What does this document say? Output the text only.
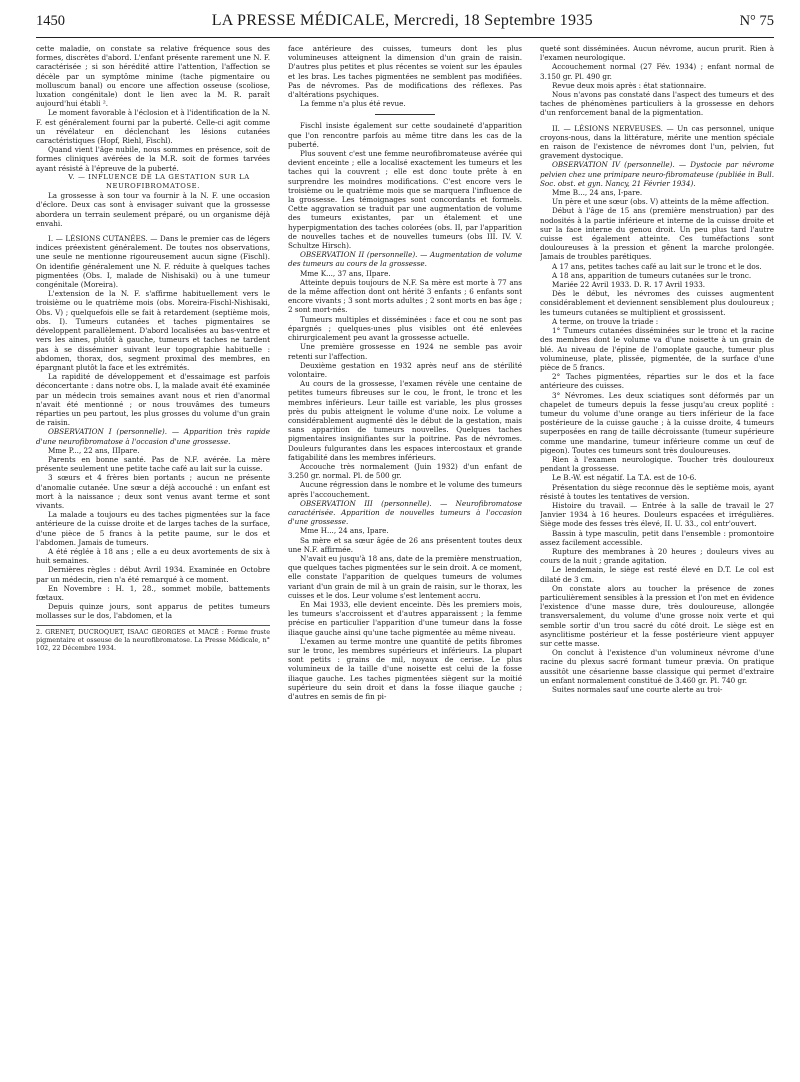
1450	LA PRESSE MÉDICALE, Mercredi, 18 Septembre 1935	N° 75

cette maladie, on constate sa relative fréquence sous des formes, discrètes d'abord. L'enfant présente rarement une N. F. caractérisée ; si son hérédité attire l'attention, l'affection se décèle par un symptôme minime (tache pigmentaire ou molluscum banal) ou encore une affection osseuse (scoliose, luxation congénitale) dont le lien avec la M. R. paraît aujourd'hui établi ².

Le moment favorable à l'éclosion et à l'identification de la N. F. est généralement fourni par la puberté. Celle-ci agit comme un révélateur en déclenchant les lésions cutanées caractéristiques (Hopf, Riehl, Fischl).

Quand vient l'âge nubile, nous sommes en présence, soit de formes cliniques avérées de la M.R. soit de formes tarvées ayant résisté à l'épreuve de la puberté.

V. — INFLUENCE DE LA GESTATION SUR LA NEUROFIBROMATOSE.

La grossesse à son tour va fournir à la N. F. une occasion d'éclore. Deux cas sont à envisager suivant que la grossesse abordera un terrain seulement préparé, ou un organisme déjà envahi.

I. — LÉSIONS CUTANÉES. — Dans le premier cas de légers indices préexistent généralement. De toutes nos observations, une seule ne mentionne rigoureusement aucun signe (Fischl). On identifie généralement une N. F. réduite à quelques taches pigmentées (Obs. I, malade de Nishisaki) ou à une tumeur congénitale (Moreira).

L'extension de la N. F. s'affirme habituellement vers le troisième ou le quatrième mois (obs. Moreira-Fischl-Nishisaki, Obs. V) ; quelquefois elle se fait à retardement (septième mois, obs. I). Tumeurs cutanées et taches pigmentaires se développent parallèlement. D'abord localisées au bas-ventre et vers les aines, plutôt à gauche, tumeurs et taches ne tardent pas à se disséminer suivant leur topographie habituelle : abdomen, thorax, dos, segment proximal des membres, en épargnant plutôt la face et les extrémités.

La rapidité de développement et d'essaimage est parfois déconcertante : dans notre obs. I, la malade avait été examinée par un médecin trois semaines avant nous et rien d'anormal n'avait été mentionné ; or nous trouvâmes des tumeurs réparties un peu partout, les plus grosses du volume d'un grain de raisin.

OBSERVATION I (personnelle). — Apparition très rapide d'une neurofibromatose à l'occasion d'une grossesse.

Mme P..., 22 ans, IIIpare.

Parents en bonne santé. Pas de N.F. avérée. La mère présente seulement une petite tache café au lait sur la cuisse.

3 sœurs et 4 frères bien portants ; aucun ne présente d'anomalie cutanée. Une sœur a déjà accouché : un enfant est mort à la naissance ; deux sont venus avant terme et sont vivants.

La malade a toujours eu des taches pigmentées sur la face antérieure de la cuisse droite et de larges taches de la surface, d'une pièce de 5 francs à la petite paume, sur le dos et l'abdomen. Jamais de tumeurs.

A été réglée à 18 ans ; elle a eu deux avortements de six à huit semaines.

Dernières règles : début Avril 1934. Examinée en Octobre par un médecin, rien n'a été remarqué à ce moment.

En Novembre : H. 1, 28., sommet mobile, battements fœtaux.

Depuis quinze jours, sont apparus de petites tumeurs mollasses sur le dos, l'abdomen, et la

2. GRENET, DUCROQUET, ISAAC GEORGES et MACÉ : Forme fruste pigmentaire et osseuse de la neurofibromatose. La Presse Médicale, n° 102, 22 Décembre 1934.

face antérieure des cuisses, tumeurs dont les plus volumineuses atteignent la dimension d'un grain de raisin. D'autres plus petites et plus récentes se voient sur les épaules et les bras. Les taches pigmentées ne semblent pas modifiées. Pas de névromes. Pas de modifications des réflexes. Pas d'altérations psychiques.

La femme n'a plus été revue.

Fischl insiste également sur cette soudaineté d'apparition que l'on rencontre parfois au même titre dans les cas de la puberté.

Plus souvent c'est une femme neurofibromateuse avérée qui devient enceinte ; elle a localisé exactement les tumeurs et les taches qui la couvrent ; elle est donc toute prête à en surprendre les moindres modifications. C'est encore vers le troisième ou le quatrième mois que se marquera l'influence de la grossesse. Les témoignages sont concordants et formels. Cette aggravation se traduit par une augmentation de volume des tumeurs existantes, par un étalement et une hyperpigmentation des taches colorées (obs. II, par l'apparition de nouvelles taches et de nouvelles tumeurs (obs III. IV. V. Schultze Hirsch).

OBSERVATION II (personnelle). — Augmentation de volume des tumeurs au cours de la grossesse.

Mme K..., 37 ans, IIpare.

Atteinte depuis toujours de N.F. Sa mère est morte à 77 ans de la même affection dont ont hérité 3 enfants ; 6 enfants sont encore vivants ; 3 sont morts adultes ; 2 sont morts en bas âge ; 2 sont mort-nés.

Tumeurs multiples et disséminées : face et cou ne sont pas épargnés ; quelques-unes plus visibles ont été enlevées chirurgicalement peu avant la grossesse actuelle.

Une première grossesse en 1924 ne semble pas avoir retenti sur l'affection.

Deuxième gestation en 1932 après neuf ans de stérilité volontaire.

Au cours de la grossesse, l'examen révèle une centaine de petites tumeurs fibreuses sur le cou, le front, le tronc et les membres inférieurs. Leur taille est variable, les plus grosses près du pubis atteignent le volume d'une noix. Le volume a considérablement augmenté dès le début de la gestation, mais sans apparition de tumeurs nouvelles. Quelques taches pigmentaires insignifiantes sur la poitrine. Pas de névromes. Douleurs fulgurantes dans les espaces intercostaux et grande fatigabilité dans les membres inférieurs.

Accouche très normalement (Juin 1932) d'un enfant de 3.250 gr. normal. Pl. de 500 gr.

Aucune régression dans le nombre et le volume des tumeurs après l'accouchement.

OBSERVATION III (personnelle). — Neurofibromatose caractérisée. Apparition de nouvelles tumeurs à l'occasion d'une grossesse.

Mme H..., 24 ans, Ipare.

Sa mère et sa sœur âgée de 26 ans présentent toutes deux une N.F. affirmée.

N'avait eu jusqu'à 18 ans, date de la première menstruation, que quelques taches pigmentées sur le sein droit. A ce moment, elle constate l'apparition de quelques tumeurs de volumes variant d'un grain de mil à un grain de raisin, sur le thorax, les cuisses et le dos. Leur volume s'est lentement accru.

En Mai 1933, elle devient enceinte. Dès les premiers mois, les tumeurs s'accroissent et d'autres apparaissent ; la femme précise en particulier l'apparition d'une tumeur dans la fosse iliaque gauche ainsi qu'une tache pigmentée au même niveau.

L'examen au terme montre une quantité de petits fibromes sur le tronc, les membres supérieurs et inférieurs. La plupart sont petits : grains de mil, noyaux de cerise. Le plus volumineux de la taille d'une noisette est celui de la fosse iliaque gauche. Les taches pigmentées siègent sur la moitié supérieure du sein droit et dans la fosse iliaque gauche ; d'autres en semis de fin pi-

queté sont disséminées. Aucun névrome, aucun prurit. Rien à l'examen neurologique.

Accouchement normal (27 Fév. 1934) ; enfant normal de 3.150 gr. Pl. 490 gr.

Revue deux mois après : état stationnaire.

Nous n'avons pas constaté dans l'aspect des tumeurs et des taches de phénomènes particuliers à la grossesse en dehors d'un renforcement banal de la pigmentation.

II. — LÉSIONS NERVEUSES. — Un cas personnel, unique croyons-nous, dans la littérature, mérite une mention spéciale en raison de l'existence de névromes dont l'un, pelvien, fut gravement dystocique.

OBSERVATION IV (personnelle). — Dystocie par névrome pelvien chez une primipare neuro-fibromateuse (publiée in Bull. Soc. obst. et gyn. Nancy, 21 Février 1934).

Mme B..., 24 ans, I-pare.

Un père et une sœur (obs. V) atteints de la même affection.

Début à l'âge de 15 ans (première menstruation) par des nodosités à la partie inférieure et interne de la cuisse droite et sur la face interne du genou droit. Un peu plus tard l'autre cuisse est également atteinte. Ces tuméfactions sont douloureuses à la pression et gênent la marche prolongée. Jamais de troubles parétiques.

A 17 ans, petites taches café au lait sur le tronc et le dos.

A 18 ans, apparition de tumeurs cutanées sur le tronc.

Mariée 22 Avril 1933. D. R. 17 Avril 1933.

Dès le début, les névromes des cuisses augmentent considérablement et deviennent sensiblement plus douloureux ; les tumeurs cutanées se multiplient et grossissent.

A terme, on trouve la triade :

1° Tumeurs cutanées disséminées sur le tronc et la racine des membres dont le volume va d'une noisette à un grain de blé. Au niveau de l'épine de l'omoplate gauche, tumeur plus volumineuse, plate, plissée, pigmentée, de la surface d'une pièce de 5 francs.

2° Taches pigmentées, réparties sur le dos et la face antérieure des cuisses.

3° Névromes. Les deux sciatiques sont déformés par un chapelet de tumeurs depuis la fesse jusqu'au creux poplité : tumeur du volume d'une orange au tiers inférieur de la face postérieure de la cuisse gauche ; à la cuisse droite, 4 tumeurs superposées en rang de taille décroissante (tumeur supérieure comme une mandarine, tumeur inférieure comme un œuf de pigeon). Toutes ces tumeurs sont très douloureuses.

Rien à l'examen neurologique. Toucher très douloureux pendant la grossesse.

Le B.-W. est négatif. La T.A. est de 10-6.

Présentation du siège reconnue dès le septième mois, ayant résisté à toutes les tentatives de version.

Histoire du travail. — Entrée à la salle de travail le 27 Janvier 1934 à 16 heures. Douleurs espacées et irrégulières. Siège mode des fesses très élevé, II. U. 33., col entr'ouvert.

Bassin à type masculin, petit dans l'ensemble : promontoire assez facilement accessible.

Rupture des membranes à 20 heures ; douleurs vives au cours de la nuit ; grande agitation.

Le lendemain, le siège est resté élevé en D.T. Le col est dilaté de 3 cm.

On constate alors au toucher la présence de zones particulièrement sensibles à la pression et l'on met en évidence l'existence d'une masse dure, très douloureuse, allongée transversalement, du volume d'une grosse noix verte et qui semble sortir d'un trou sacré du côté droit. Le siège est en asynclitisme postérieur et la fesse postérieure vient appuyer sur cette masse.

On conclut à l'existence d'un volumineux névrome d'une racine du plexus sacré formant tumeur prævia. On pratique aussitôt une césarienne basse classique qui permet d'extraire un enfant normalement constitué de 3.460 gr. Pl. 740 gr.

Suites normales sauf une courte alerte au troi-
